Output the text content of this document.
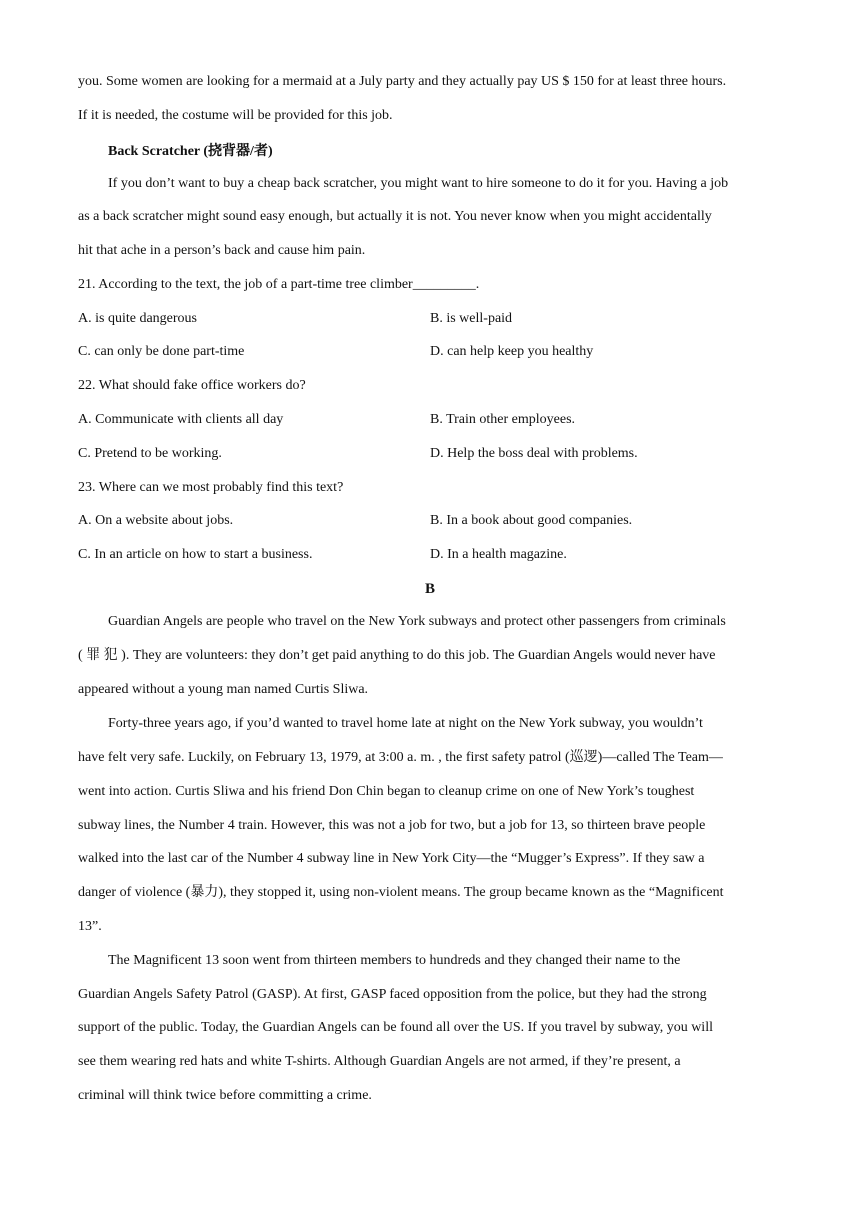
you. Some women are looking for a mermaid at a July party and they actually pay US $ 150 for at least three hours.
If it is needed, the costume will be provided for this job.
Back Scratcher (挠背器/者)
If you don’t want to buy a cheap back scratcher, you might want to hire someone to do it for you. Having a job
as a back scratcher might sound easy enough, but actually it is not. You never know when you might accidentally
hit that ache in a person’s back and cause him pain.
21. According to the text, the job of a part-time tree climber_________.
A. is quite dangerous	B. is well-paid
C. can only be done part-time	D. can help keep you healthy
22. What should fake office workers do?
A. Communicate with clients all day	B. Train other employees.
C. Pretend to be working.	D. Help the boss deal with problems.
23. Where can we most probably find this text?
A. On a website about jobs.	B. In a book about good companies.
C. In an article on how to start a business.	D. In a health magazine.
B
Guardian Angels are people who travel on the New York subways and protect other passengers from criminals
( 罪 犯 ). They are volunteers: they don’t get paid anything to do this job. The Guardian Angels would never have
appeared without a young man named Curtis Sliwa.
Forty-three years ago, if you’d wanted to travel home late at night on the New York subway, you wouldn’t
have felt very safe. Luckily, on February 13, 1979, at 3:00 a. m. , the first safety patrol (巡逻)—called The Team—
went into action. Curtis Sliwa and his friend Don Chin began to cleanup crime on one of New York’s toughest
subway lines, the Number 4 train. However, this was not a job for two, but a job for 13, so thirteen brave people
walked into the last car of the Number 4 subway line in New York City—the “Mugger’s Express”. If they saw a
danger of violence (暴力), they stopped it, using non-violent means. The group became known as the “Magnificent
13”.
The Magnificent 13 soon went from thirteen members to hundreds and they changed their name to the
Guardian Angels Safety Patrol (GASP). At first, GASP faced opposition from the police, but they had the strong
support of the public. Today, the Guardian Angels can be found all over the US. If you travel by subway, you will
see them wearing red hats and white T-shirts. Although Guardian Angels are not armed, if they’re present, a
criminal will think twice before committing a crime.
